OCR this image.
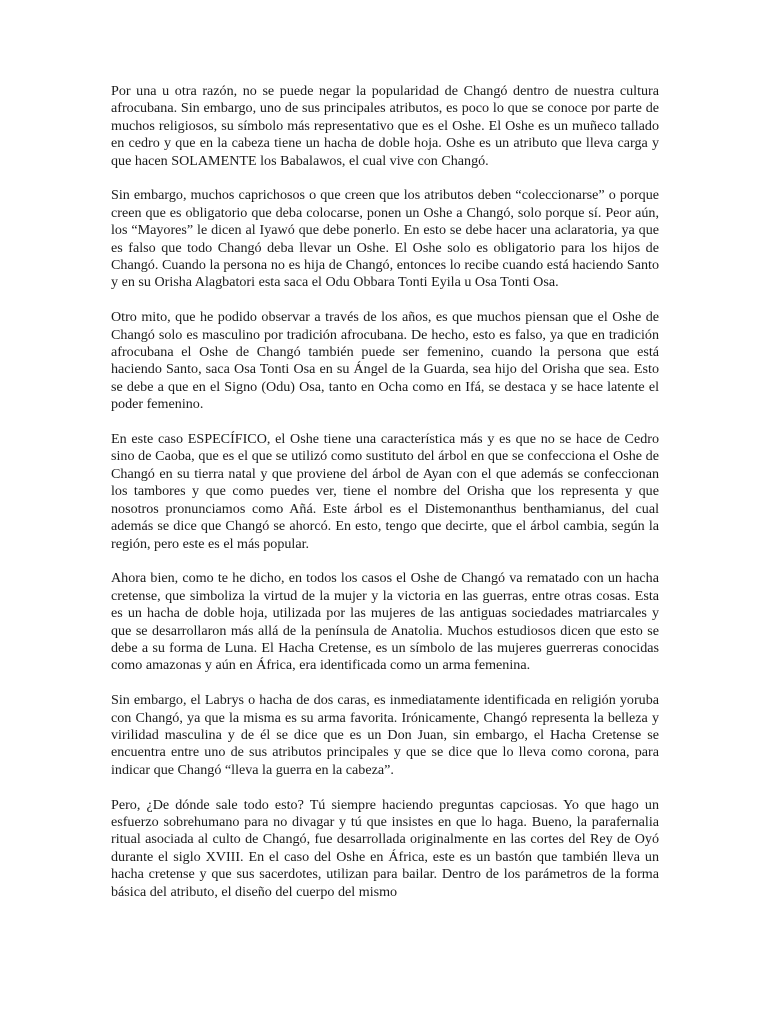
Por una u otra razón, no se puede negar la popularidad de Changó dentro de nuestra cultura afrocubana. Sin embargo, uno de sus principales atributos, es poco lo que se conoce por parte de muchos religiosos, su símbolo más representativo que es el Oshe. El Oshe es un muñeco tallado en cedro y que en la cabeza tiene un hacha de doble hoja. Oshe es un atributo que lleva carga y que hacen SOLAMENTE los Babalawos, el cual vive con Changó.

Sin embargo, muchos caprichosos o que creen que los atributos deben “coleccionarse” o porque creen que es obligatorio que deba colocarse, ponen un Oshe a Changó, solo porque sí. Peor aún, los “Mayores” le dicen al Iyawó que debe ponerlo. En esto se debe hacer una aclaratoria, ya que es falso que todo Changó deba llevar un Oshe. El Oshe solo es obligatorio para los hijos de Changó. Cuando la persona no es hija de Changó, entonces lo recibe cuando está haciendo Santo y en su Orisha Alagbatori esta saca el Odu Obbara Tonti Eyila u Osa Tonti Osa.

Otro mito, que he podido observar a través de los años, es que muchos piensan que el Oshe de Changó solo es masculino por tradición afrocubana. De hecho, esto es falso, ya que en tradición afrocubana el Oshe de Changó también puede ser femenino, cuando la persona que está haciendo Santo, saca Osa Tonti Osa en su Ángel de la Guarda, sea hijo del Orisha que sea. Esto se debe a que en el Signo (Odu) Osa, tanto en Ocha como en Ifá, se destaca y se hace latente el poder femenino.

En este caso ESPECÍFICO, el Oshe tiene una característica más y es que no se hace de Cedro sino de Caoba, que es el que se utilizó como sustituto del árbol en que se confecciona el Oshe de Changó en su tierra natal y que proviene del árbol de Ayan con el que además se confeccionan los tambores y que como puedes ver, tiene el nombre del Orisha que los representa y que nosotros pronunciamos como Añá. Este árbol es el Distemonanthus benthamianus, del cual además se dice que Changó se ahorcó. En esto, tengo que decirte, que el árbol cambia, según la región, pero este es el más popular.

Ahora bien, como te he dicho, en todos los casos el Oshe de Changó va rematado con un hacha cretense, que simboliza la virtud de la mujer y la victoria en las guerras, entre otras cosas. Esta es un hacha de doble hoja, utilizada por las mujeres de las antiguas sociedades matriarcales y que se desarrollaron más allá de la península de Anatolia. Muchos estudiosos dicen que esto se debe a su forma de Luna. El Hacha Cretense, es un símbolo de las mujeres guerreras conocidas como amazonas y aún en África, era identificada como un arma femenina.

Sin embargo, el Labrys o hacha de dos caras, es inmediatamente identificada en religión yoruba con Changó, ya que la misma es su arma favorita. Irónicamente, Changó representa la belleza y virilidad masculina y de él se dice que es un Don Juan, sin embargo, el Hacha Cretense se encuentra entre uno de sus atributos principales y que se dice que lo lleva como corona, para indicar que Changó “lleva la guerra en la cabeza”.

Pero, ¿De dónde sale todo esto? Tú siempre haciendo preguntas capciosas. Yo que hago un esfuerzo sobrehumano para no divagar y tú que insistes en que lo haga. Bueno, la parafernalia ritual asociada al culto de Changó, fue desarrollada originalmente en las cortes del Rey de Oyó durante el siglo XVIII. En el caso del Oshe en África, este es un bastón que también lleva un hacha cretense y que sus sacerdotes, utilizan para bailar. Dentro de los parámetros de la forma básica del atributo, el diseño del cuerpo del mismo
